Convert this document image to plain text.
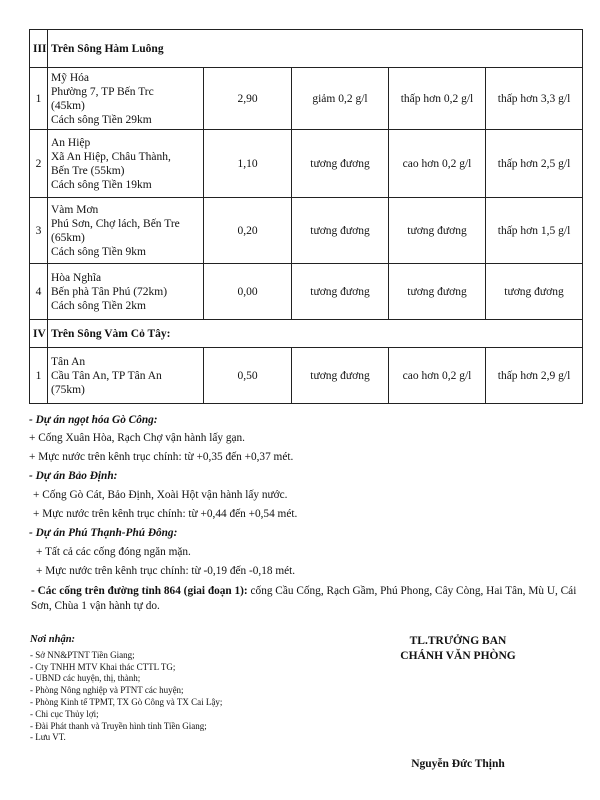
III	Trên Sông Hàm Luông				
1	Mỹ Hóa
Phường 7, TP Bến Trc
(45km)
Cách sông Tiền 29km	2,90	giảm 0,2 g/l	thấp hơn 0,2 g/l	thấp hơn 3,3 g/l
2	An Hiệp
Xã An Hiệp, Châu Thành,
Bến Tre (55km)
Cách sông Tiền 19km	1,10	tương đương	cao hơn 0,2 g/l	thấp hơn 2,5 g/l
3	Vàm Mơn
Phú Sơn, Chợ lách, Bến Tre
(65km)
Cách sông Tiền 9km	0,20	tương đương	tương đương	thấp hơn 1,5 g/l
4	Hòa Nghĩa
Bến phà Tân Phú (72km)
Cách sông Tiền 2km	0,00	tương đương	tương đương	tương đương
IV	Trên Sông Vàm Cỏ Tây:				
1	Tân An
Cầu Tân An, TP Tân An
(75km)	0,50	tương đương	cao hơn 0,2 g/l	thấp hơn 2,9 g/l

- Dự án ngọt hóa Gò Công:

+ Cống Xuân Hòa, Rạch Chợ vận hành lấy gạn.

+ Mực nước trên kênh trục chính: từ +0,35 đến +0,37 mét.

- Dự án Bảo Định:

+ Cống Gò Cát, Bảo Định, Xoài Hột vận hành lấy nước.

+ Mực nước trên kênh trục chính: từ +0,44 đến +0,54 mét.

- Dự án Phú Thạnh-Phú Đông:

+ Tất cả các cống đóng ngăn mặn.

+ Mực nước trên kênh trục chính: từ -0,19 đến -0,18 mét.

- Các cống trên đường tỉnh 864 (giai đoạn 1): cống Cầu Cống, Rạch Gầm, Phú Phong, Cây Còng, Hai Tân, Mù U, Cái Sơn, Chùa 1 vận hành tự do.

Nơi nhận:
- Sở NN&PTNT Tiền Giang;
- Cty TNHH MTV Khai thác CTTL TG;
- UBND các huyện, thị, thành;
- Phòng Nông nghiệp và PTNT các huyện;
- Phòng Kinh tế TPMT, TX Gò Công và TX Cai Lậy;
- Chi cục Thủy lợi;
- Đài Phát thanh và Truyền hình tỉnh Tiền Giang;
- Lưu VT.
TL.TRƯỞNG BAN
CHÁNH VĂN PHÒNG
Nguyễn Đức Thịnh
